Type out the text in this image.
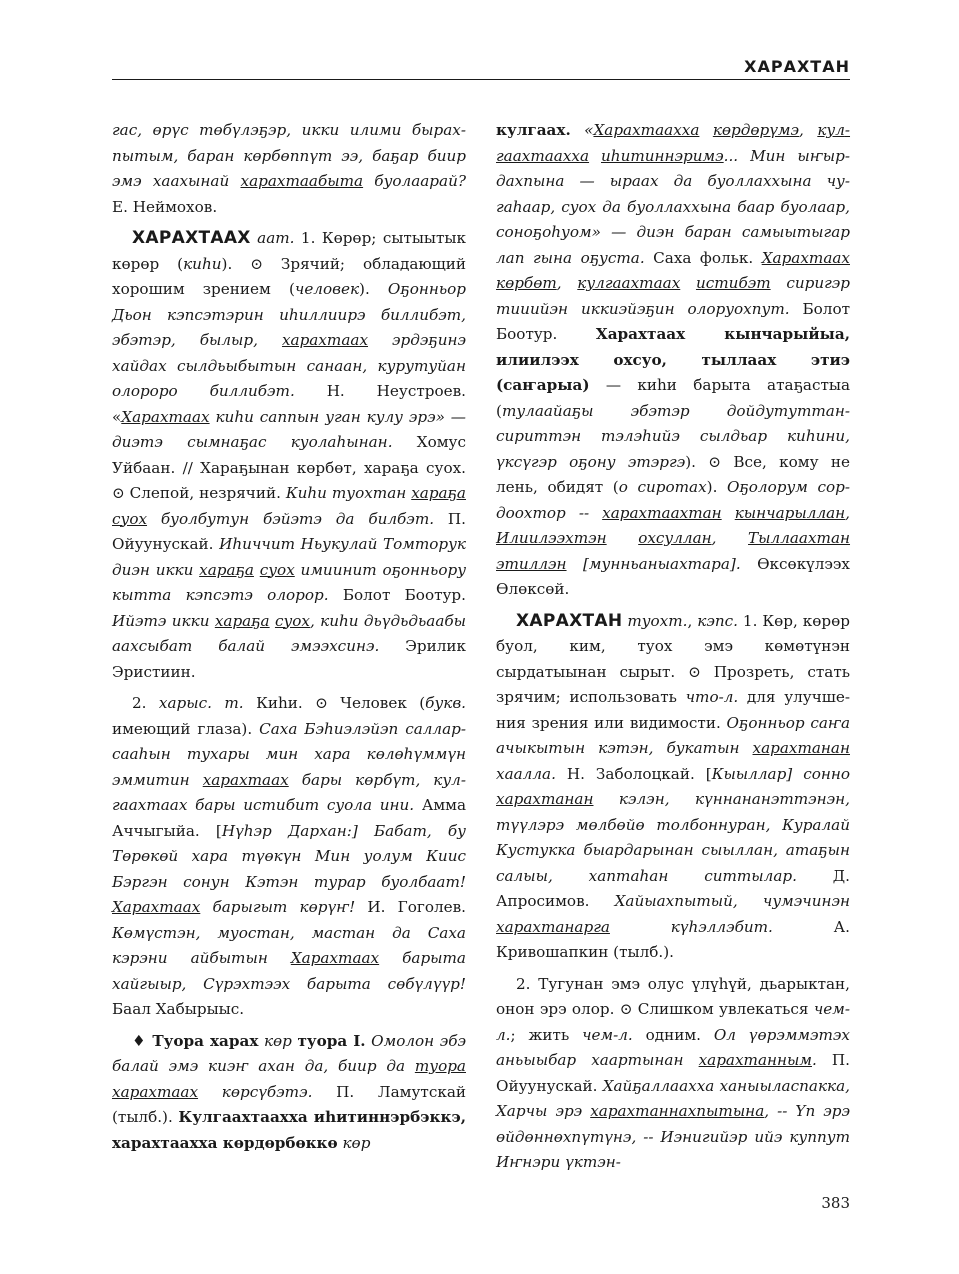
ХАРАХТАН

гас, өрүс төбүлэҕэр, икки илими бырахпытым, баран көрбөппүт ээ, баҕар биир эмэ хаахынай харахтаабыта буолаарай? Е. Неймохов.

ХАРАХТААХ аат. 1. Көрөр; сытыытык көрөр (киһи). ⊙ Зрячий; обладающий хорошим зрением (человек). Оҕонньор Дьон кэпсэтэрин иһиллиирэ биллибэт, эбэтэр, былыр, харахтаах эрдэҕинэ хайдах сылдьыбытын санаан, курутуйан олороро биллибэт. Н. Неустроев. «Харахтаах киһи саппын уган кулу эрэ» — диэтэ сымнаҕас куолаһынан. Хомус Уйбаан. // Хараҕынан көрбөт, хараҕа суох. ⊙ Слепой, незрячий. Киһи туохтан хараҕа суох буолбутун бэйэтэ да билбэт. П. Ойуунускай. Иһиччит Ньукулай Томторук диэн икки хараҕа суох имиинит оҕонньору кытта кэпсэтэ олорор. Болот Боотур. Ийэтэ икки хараҕа суох, киһи дьүдьдьаабы аахсыбат балай эмээхсинэ. Эрилик Эристиин.

2. харыс. т. Киһи. ⊙ Человек (букв. имеющий глаза). Саха Бэһиэлэйэп саллар-сааһын тухары мин хара көлөһүммүн эммитин харахтаах бары көрбүт, кулгаахтаах бары истибит суола ини. Амма Аччыгыйа. [Нүһэр Дархан:] Бабат, бу Төрөкөй хара түөкүн Мин уолум Киис Бэргэн сонун Кэтэн турар буолбаат! Харахтаах барыгыт көрүҥ! И. Гоголев. Көмүстэн, муостан, мастан да Саха кэрэни айбытын Харахтаах барыта хайгыыр, Сүрэхтээх барыта сөбүлүүр! Баал Хабырыыс.

♦ Туора харах көр туора I. Омолон эбэ балай эмэ киэҥ ахан да, биир да туора харахтаах көрсүбэтэ. П. Ламутскай (тылб.). Кулгаахтаахха иһитиннэрбэккэ, харахтаахха көрдөрбөккө көр

кулгаах. «Харахтаахха көрдөрүмэ, кулгаахтаахха иһитиннэримэ... Мин ыҥырдахпына — ыраах да буоллаххына чугаһаар, суох да буоллаххына баар буолаар, соноҕоһуом» — диэн баран самыытыгар лап гына оҕуста. Саха фольк. Харахтаах көрбөт, кулгаахтаах истибэт сиригэр тииийэн иккиэйэҕин олоруохпут. Болот Боотур. Харахтаах кынчарыйыа, илиилээх охсуо, тыллаах этиэ (саҥарыа) — киһи барыта атаҕастыа (тулаайаҕы эбэтэр дойдутуттансириттэн тэлэһийэ сылдьар киһини, үксүгэр оҕону этэргэ). ⊙ Все, кому не лень, обидят (о сиротах). Оҕолорум сордоохтор -- харахтаахтан кынчарыллан, Илиилээхтэн охсуллан, Тыллаахтан этиллэн [мунньаныахтара]. Өксөкүлээх Өлөксөй.

ХАРАХТАН туохт., кэпс. 1. Көр, көрөр буол, ким, туох эмэ көмөтүнэн сырдатыынан сырыт. ⊙ Прозреть, стать зрячим; использовать что-л. для улучшения зрения или видимости. Оҕонньор саҥа ачыкытын кэтэн, букатын харахтанан хаалла. Н. Заболоцкай. [Кыыллар] сонно харахтанан кэлэн, күннананэттэнэн, түүлэрэ мөлбөйө толбоннуран, Куралай Кустукка быардарынан сыыллан, атаҕын салыы, хаптаһан ситтылар. Д. Апросимов. Хайыахпытый, чумэчинэн харахтанарга күһэллэбит. А. Кривошапкин (тылб.).

2. Тугунан эмэ олус үлүһүй, дьарыктан, онон эрэ олор. ⊙ Слишком увлекаться чем-л.; жить чем-л. одним. Ол үөрэммэтэх аньыыбар хаартынан харахтанным. П. Ойуунускай. Хайҕаллаахха ханыыласпакка, Харчы эрэ харахтаннахпытына, -- Үп эрэ өйдөннөхпүтүнэ, -- Иэнигийэр ийэ куппут Иҥнэри үктэн-

383
